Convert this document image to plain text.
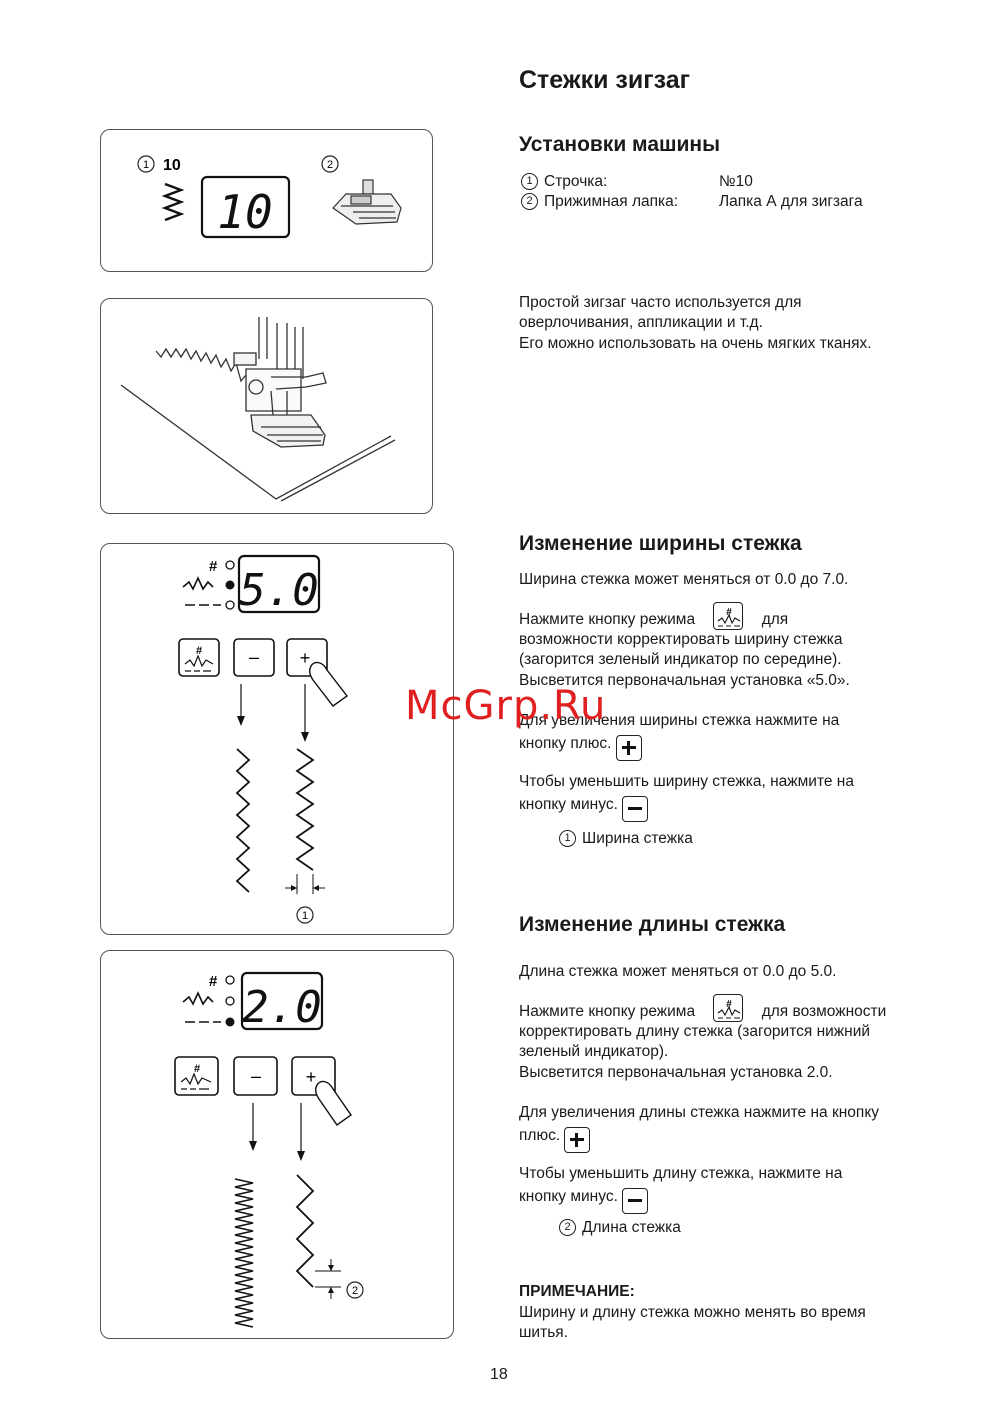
Стежки зигзаг
1 10
10
2
# 5.0
#	– +
1
#
2.0
#	– +
2
Установки машины
1 Строчка:	№10
2 Прижимная лапка:	Лапка А для зигзага
Простой зигзаг часто используется для
оверлочивания, аппликации и т.д.
Его можно использовать на очень мягких тканях.
Изменение ширины стежка
Ширина стежка может меняться от 0.0 до 7.0.
Нажмите кнопку режима	# для
возможности корректировать ширину стежка
(загорится зеленый индикатор по середине).
Высветится первоначальная установка «5.0».
Для увеличения ширины стежка нажмите на
кнопку плюс.
Чтобы уменьшить ширину стежка, нажмите на
кнопку минус.
1 Ширина стежка
Изменение длины стежка
Длина стежка может меняться от 0.0 до 5.0.
Нажмите кнопку режима	# для возможности
корректировать длину стежка (загорится нижний
зеленый индикатор).
Высветится первоначальная установка 2.0.
Для увеличения длины стежка нажмите на кнопку
плюс.
Чтобы уменьшить длину стежка, нажмите на
кнопку минус.
2 Длина стежка
ПРИМЕЧАНИЕ:
Ширину и длину стежка можно менять во время
шитья.
McGrp.Ru
18
